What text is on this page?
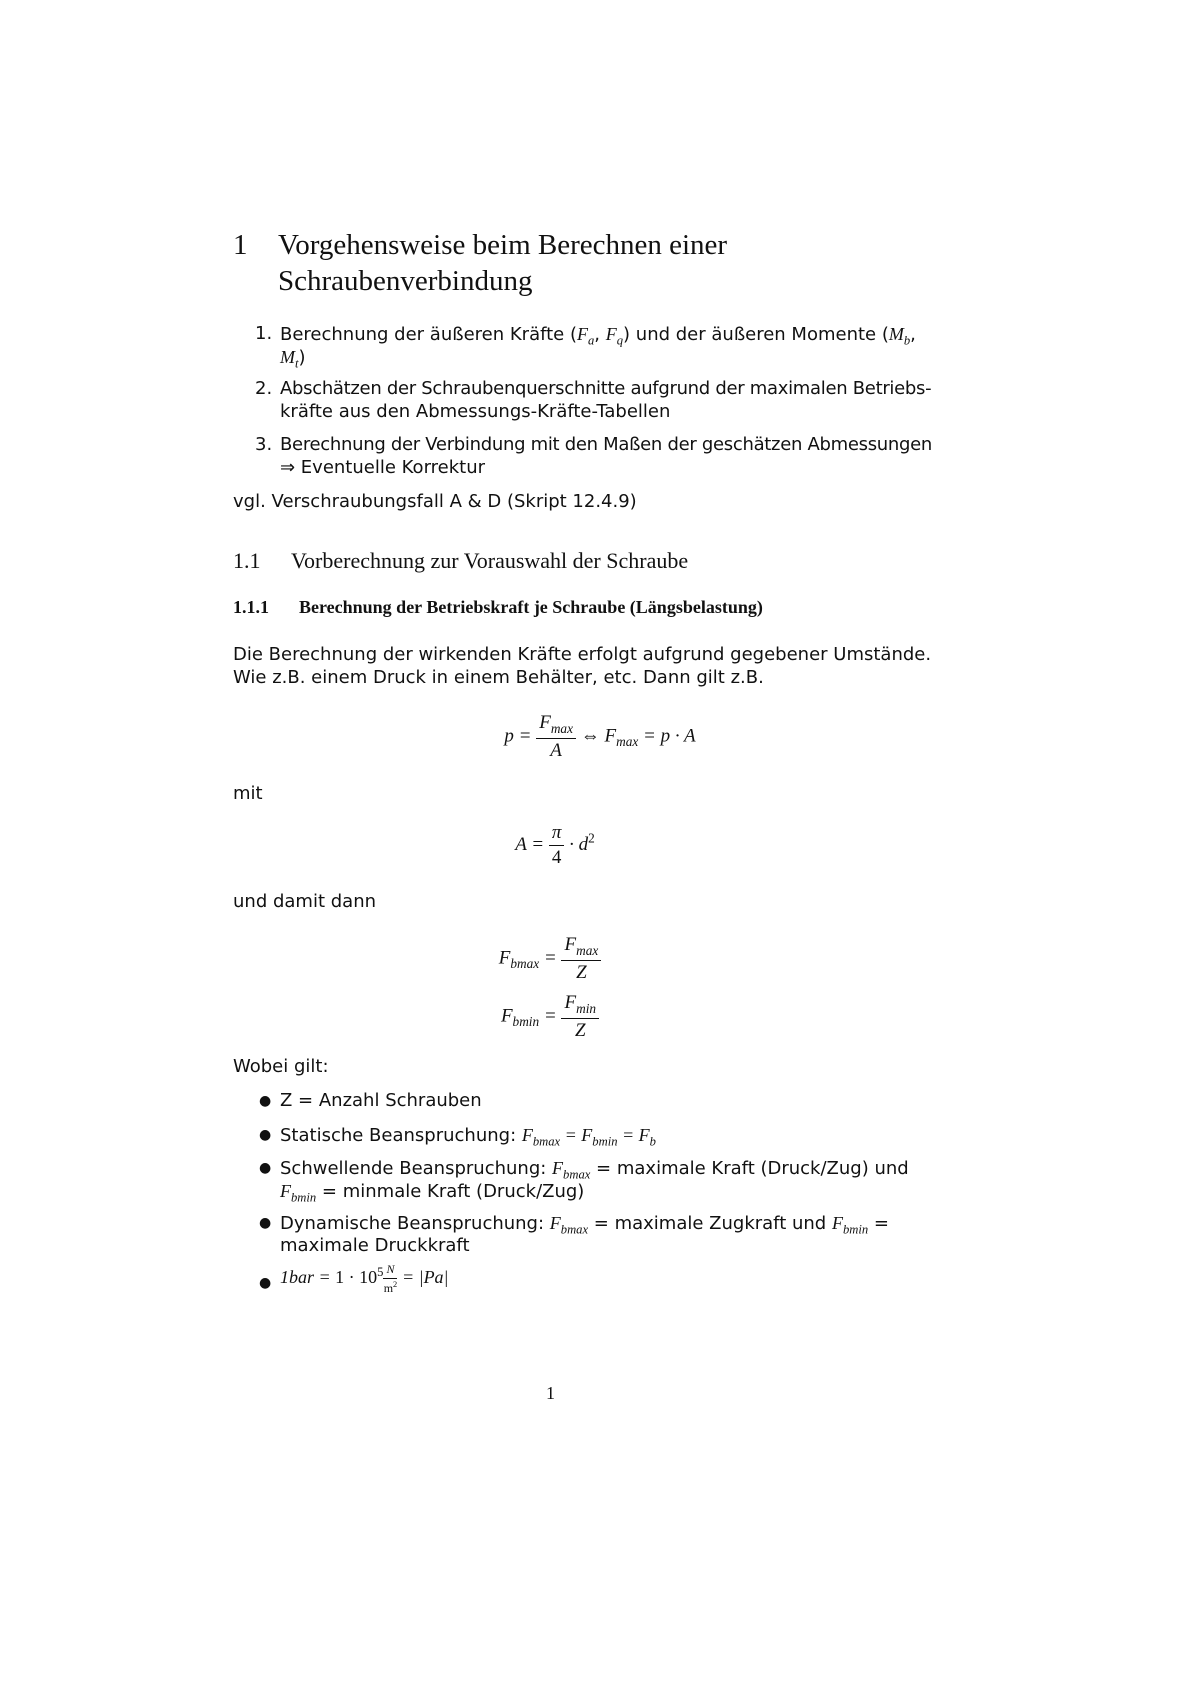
1 Vorgehensweise beim Berechnen einer
Schraubenverbindung
1. Berechnung der äußeren Kräfte ($F_a$, $F_q$) und der äußeren Momente ($M_b$,
$M_t$)
2. Abschätzen der Schraubenquerschnitte aufgrund der maximalen Betriebs-
kräfte aus den Abmessungs-Kräfte-Tabellen
3. Berechnung der Verbindung mit den Maßen der geschätzen Abmessungen
⇒ Eventuelle Korrektur
vgl. Verschraubungsfall A & D (Skript 12.4.9)
1.1 Vorberechnung zur Vorauswahl der Schraube
1.1.1 Berechnung der Betriebskraft je Schraube (Längsbelastung)
Die Berechnung der wirkenden Kräfte erfolgt aufgrund gegebener Umstände.
Wie z.B. einem Druck in einem Behälter, etc. Dann gilt z.B.
$p = \frac{F_{max}}{A}$ ⇔ $F_{max} = p \cdot A$
mit
$A = \frac{\pi}{4} \cdot d^2$
und damit dann
$F_{bmax} = \frac{F_{max}}{Z}$
$F_{bmin} = \frac{F_{min}}{Z}$
Wobei gilt:
● Z = Anzahl Schrauben
● Statische Beanspruchung: $F_{bmax} = F_{bmin} = F_b$
● Schwellende Beanspruchung: $F_{bmax}$ = maximale Kraft (Druck/Zug) und
$F_{bmin}$ = minmale Kraft (Druck/Zug)
● Dynamische Beanspruchung: $F_{bmax}$ = maximale Zugkraft und $F_{bmin}$ =
maximale Druckkraft
● $1bar = 1 \cdot 10^5 \frac{N}{m^2} = |Pa|$
1
